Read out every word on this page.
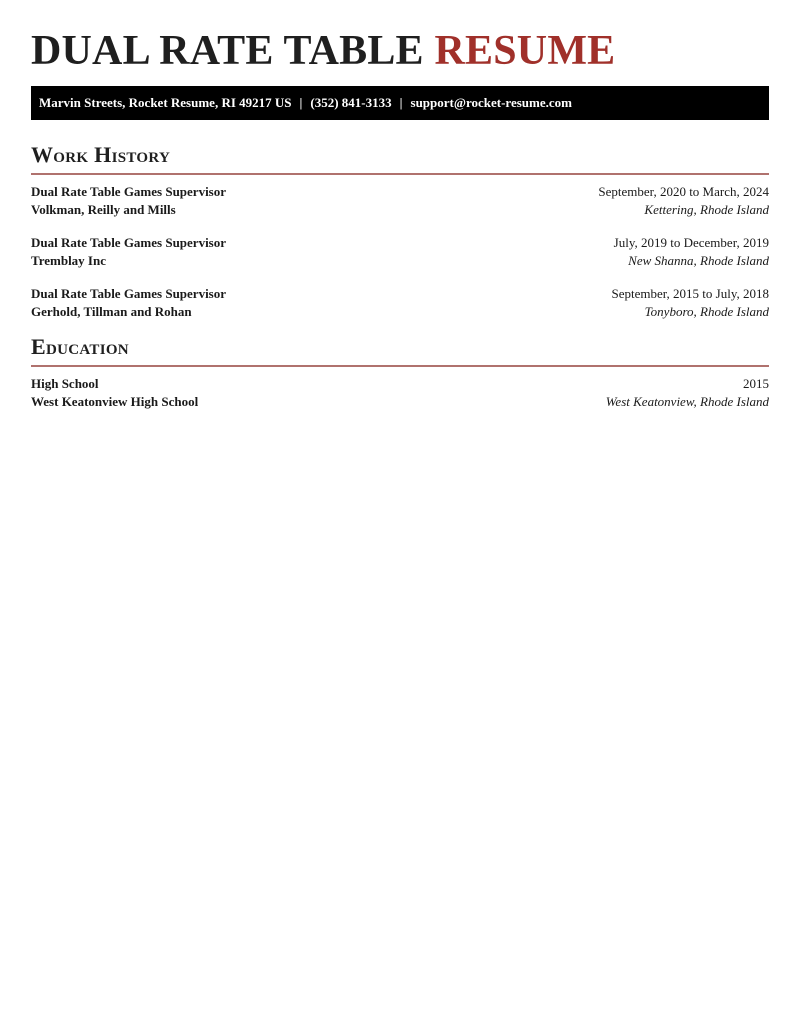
DUAL RATE TABLE RESUME
Marvin Streets, Rocket Resume, RI 49217 US | (352) 841-3133 | support@rocket-resume.com
Work History
Dual Rate Table Games Supervisor	September, 2020 to March, 2024
Volkman, Reilly and Mills	Kettering, Rhode Island
Dual Rate Table Games Supervisor	July, 2019 to December, 2019
Tremblay Inc	New Shanna, Rhode Island
Dual Rate Table Games Supervisor	September, 2015 to July, 2018
Gerhold, Tillman and Rohan	Tonyboro, Rhode Island
Education
High School	2015
West Keatonview High School	West Keatonview, Rhode Island
